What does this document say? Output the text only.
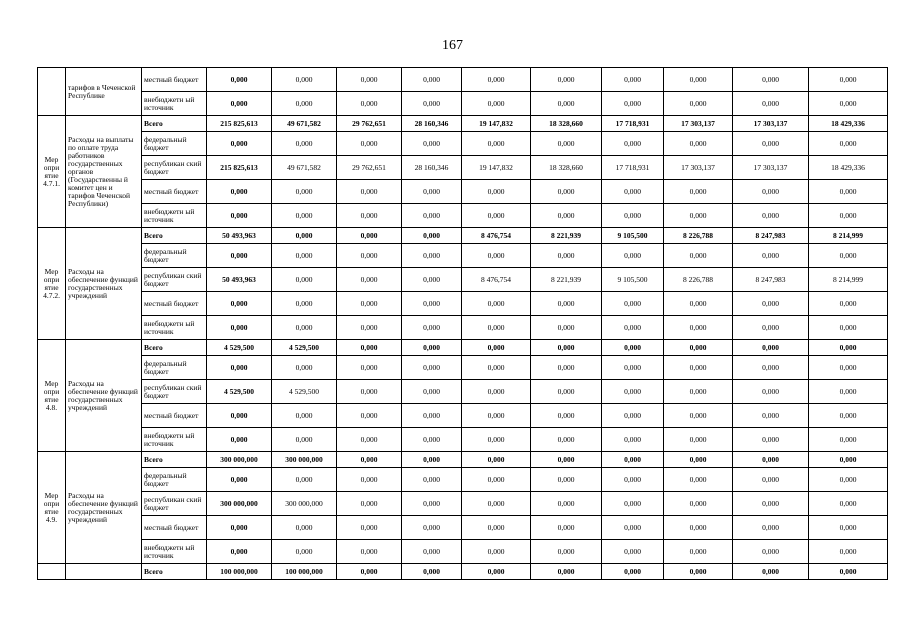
167
	тарифов в Чеченской Республике	местный бюджет	0,000	0,000	0,000	0,000	0,000	0,000	0,000	0,000	0,000	0,000
		внебюджетн ый источник	0,000	0,000	0,000	0,000	0,000	0,000	0,000	0,000	0,000	0,000
Мер опри ятие 4.7.1.	Расходы на выплаты по оплате труда работников государственных органов (Государственны й комитет цен и тарифов Чеченской Республики)	Всего	215 825,613	49 671,582	29 762,651	28 160,346	19 147,832	18 328,660	17 718,931	17 303,137	17 303,137	18 429,336
		федеральный бюджет	0,000	0,000	0,000	0,000	0,000	0,000	0,000	0,000	0,000	0,000
		республикан ский бюджет	215 825,613	49 671,582	29 762,651	28 160,346	19 147,832	18 328,660	17 718,931	17 303,137	17 303,137	18 429,336
		местный бюджет	0,000	0,000	0,000	0,000	0,000	0,000	0,000	0,000	0,000	0,000
		внебюджетн ый источник	0,000	0,000	0,000	0,000	0,000	0,000	0,000	0,000	0,000	0,000
Мер опри ятие 4.7.2.	Расходы на обеспечение функций государственных учреждений	Всего	50 493,963	0,000	0,000	0,000	8 476,754	8 221,939	9 105,500	8 226,788	8 247,983	8 214,999
		федеральный бюджет	0,000	0,000	0,000	0,000	0,000	0,000	0,000	0,000	0,000	0,000
		республикан ский бюджет	50 493,963	0,000	0,000	0,000	8 476,754	8 221,939	9 105,500	8 226,788	8 247,983	8 214,999
		местный бюджет	0,000	0,000	0,000	0,000	0,000	0,000	0,000	0,000	0,000	0,000
		внебюджетн ый источник	0,000	0,000	0,000	0,000	0,000	0,000	0,000	0,000	0,000	0,000
Мер опри ятие 4.8.	Расходы на обеспечение функций государственных учреждений	Всего	4 529,500	4 529,500	0,000	0,000	0,000	0,000	0,000	0,000	0,000	0,000
		федеральный бюджет	0,000	0,000	0,000	0,000	0,000	0,000	0,000	0,000	0,000	0,000
		республикан ский бюджет	4 529,500	4 529,500	0,000	0,000	0,000	0,000	0,000	0,000	0,000	0,000
		местный бюджет	0,000	0,000	0,000	0,000	0,000	0,000	0,000	0,000	0,000	0,000
		внебюджетн ый источник	0,000	0,000	0,000	0,000	0,000	0,000	0,000	0,000	0,000	0,000
Мер опри ятие 4.9.	Расходы на обеспечение функций государственных учреждений	Всего	300 000,000	300 000,000	0,000	0,000	0,000	0,000	0,000	0,000	0,000	0,000
		федеральный бюджет	0,000	0,000	0,000	0,000	0,000	0,000	0,000	0,000	0,000	0,000
		республикан ский бюджет	300 000,000	300 000,000	0,000	0,000	0,000	0,000	0,000	0,000	0,000	0,000
		местный бюджет	0,000	0,000	0,000	0,000	0,000	0,000	0,000	0,000	0,000	0,000
		внебюджетн ый источник	0,000	0,000	0,000	0,000	0,000	0,000	0,000	0,000	0,000	0,000
		Всего	100 000,000	100 000,000	0,000	0,000	0,000	0,000	0,000	0,000	0,000	0,000
